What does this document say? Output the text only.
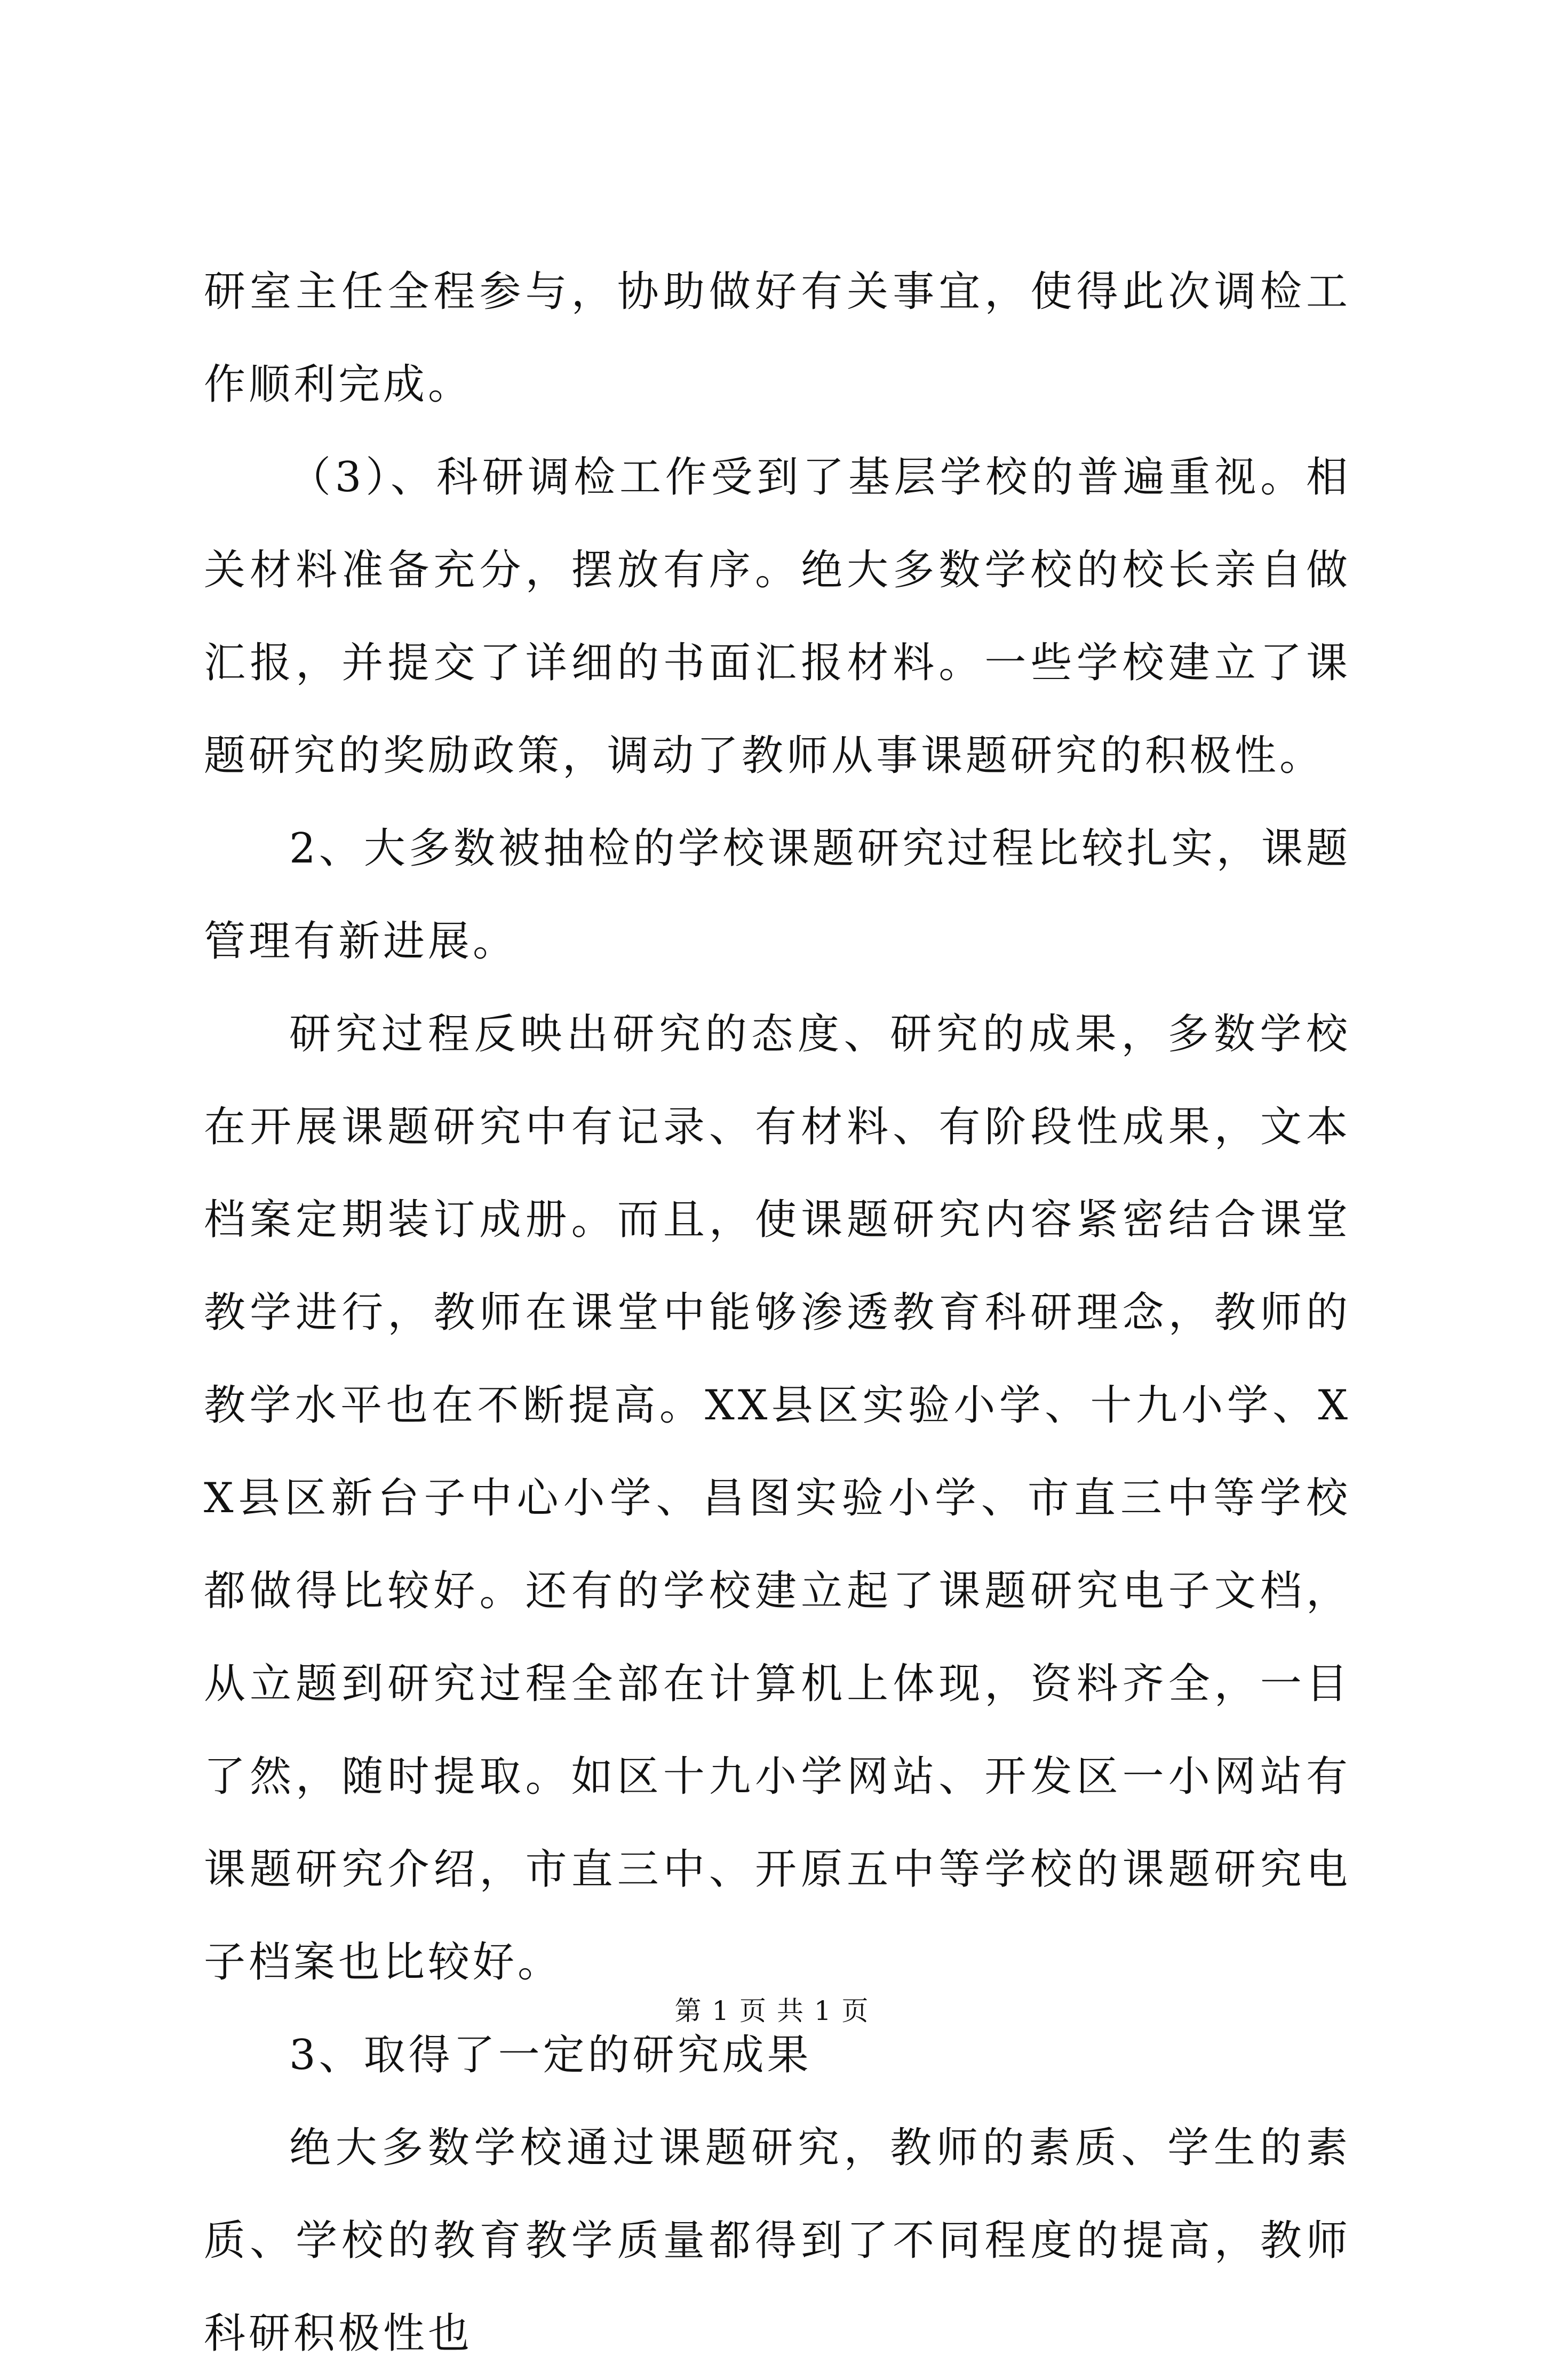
研室主任全程参与，协助做好有关事宜，使得此次调检工作顺利完成。

（3）、科研调检工作受到了基层学校的普遍重视。相关材料准备充分，摆放有序。绝大多数学校的校长亲自做汇报，并提交了详细的书面汇报材料。一些学校建立了课题研究的奖励政策，调动了教师从事课题研究的积极性。

2、大多数被抽检的学校课题研究过程比较扎实，课题管理有新进展。

研究过程反映出研究的态度、研究的成果，多数学校在开展课题研究中有记录、有材料、有阶段性成果，文本档案定期装订成册。而且，使课题研究内容紧密结合课堂教学进行，教师在课堂中能够渗透教育科研理念，教师的教学水平也在不断提高。XX县区实验小学、十九小学、XX县区新台子中心小学、昌图实验小学、市直三中等学校都做得比较好。还有的学校建立起了课题研究电子文档，从立题到研究过程全部在计算机上体现，资料齐全，一目了然，随时提取。如区十九小学网站、开发区一小网站有课题研究介绍，市直三中、开原五中等学校的课题研究电子档案也比较好。

3、取得了一定的研究成果

绝大多数学校通过课题研究，教师的素质、学生的素质、学校的教育教学质量都得到了不同程度的提高，教师科研积极性也

第 1 页 共 1 页
